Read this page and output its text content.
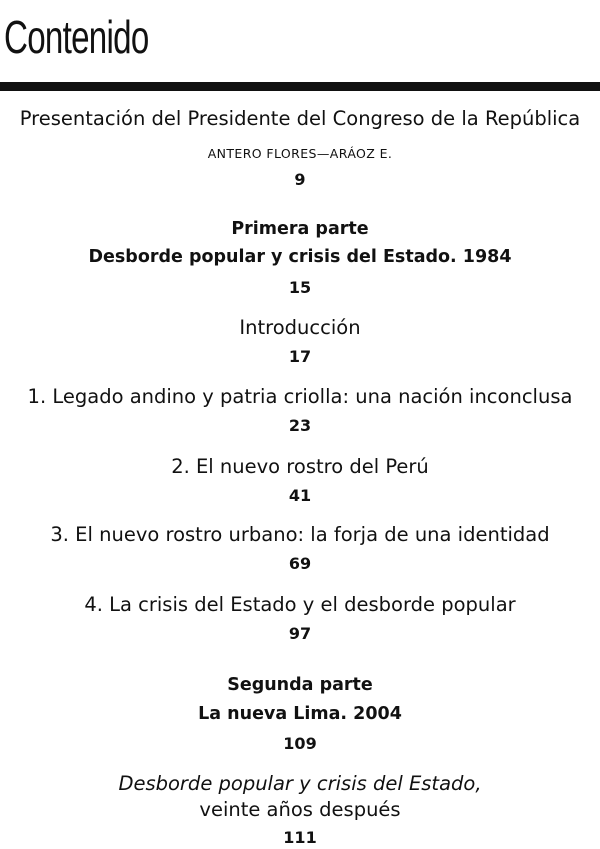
Contenido
Presentación del Presidente del Congreso de la República
ANTERO FLORES—ARÁOZ E.
9
Primera parte
Desborde popular y crisis del Estado. 1984
15
Introducción
17
1. Legado andino y patria criolla: una nación inconclusa
23
2. El nuevo rostro del Perú
41
3. El nuevo rostro urbano: la forja de una identidad
69
4. La crisis del Estado y el desborde popular
97
Segunda parte
La nueva Lima. 2004
109
Desborde popular y crisis del Estado,
veinte años después
111
